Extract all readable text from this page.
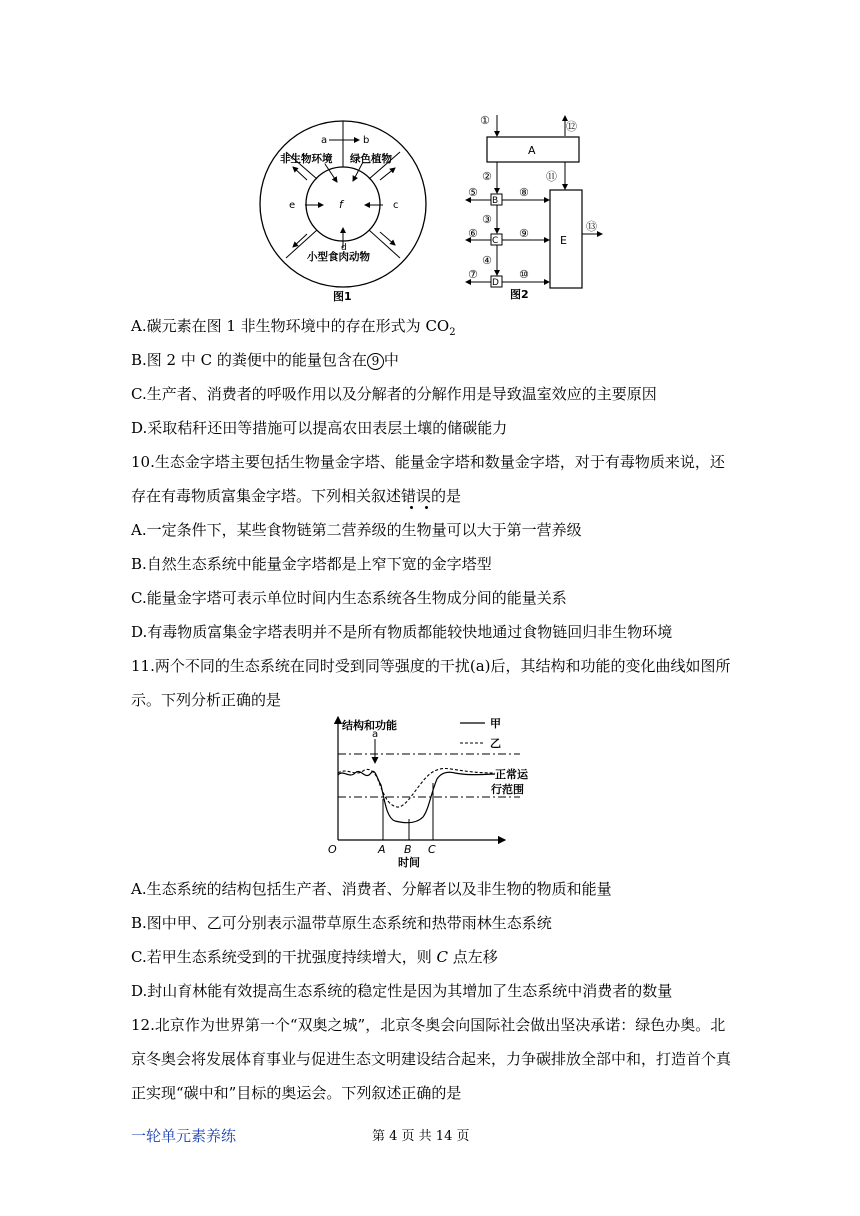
a	b
e	c
d
f
非生物环境 绿色植物
小型食肉动物
图1
A
E
B
C
D
①	⑫
⑪
②
③
④
⑤
⑥
⑦
⑧
⑨
⑩
⑬
图2
A.碳元素在图 1 非生物环境中的存在形式为 $CO_2$
B.图 2 中 C 的粪便中的能量包含在 9 中
C.生产者、消费者的呼吸作用以及分解者的分解作用是导致温室效应的主要原因
D.采取秸秆还田等措施可以提高农田表层土壤的储碳能力
10.生态金字塔主要包括生物量金字塔、能量金字塔和数量金字塔，对于有毒物质来说，还
存在有毒物质富集金字塔。下列相关叙述错误的是
A.一定条件下，某些食物链第二营养级的生物量可以大于第一营养级
B.自然生态系统中能量金字塔都是上窄下宽的金字塔型
C.能量金字塔可表示单位时间内生态系统各生物成分间的能量关系
D.有毒物质富集金字塔表明并不是所有物质都能较快地通过食物链回归非生物环境
11.两个不同的生态系统在同时受到同等强度的干扰(a)后，其结构和功能的变化曲线如图所
示。下列分析正确的是
结构和功能
a
甲
乙
正常运
行范围
O	A B C
时间
A.生态系统的结构包括生产者、消费者、分解者以及非生物的物质和能量
B.图中甲、乙可分别表示温带草原生态系统和热带雨林生态系统
C.若甲生态系统受到的干扰强度持续增大，则 C 点左移
D.封山育林能有效提高生态系统的稳定性是因为其增加了生态系统中消费者的数量
12.北京作为世界第一个“双奥之城”，北京冬奥会向国际社会做出坚决承诺：绿色办奥。北
京冬奥会将发展体育事业与促进生态文明建设结合起来，力争碳排放全部中和，打造首个真
正实现“碳中和”目标的奥运会。下列叙述正确的是
一轮单元素养练	第 4 页 共 14 页
